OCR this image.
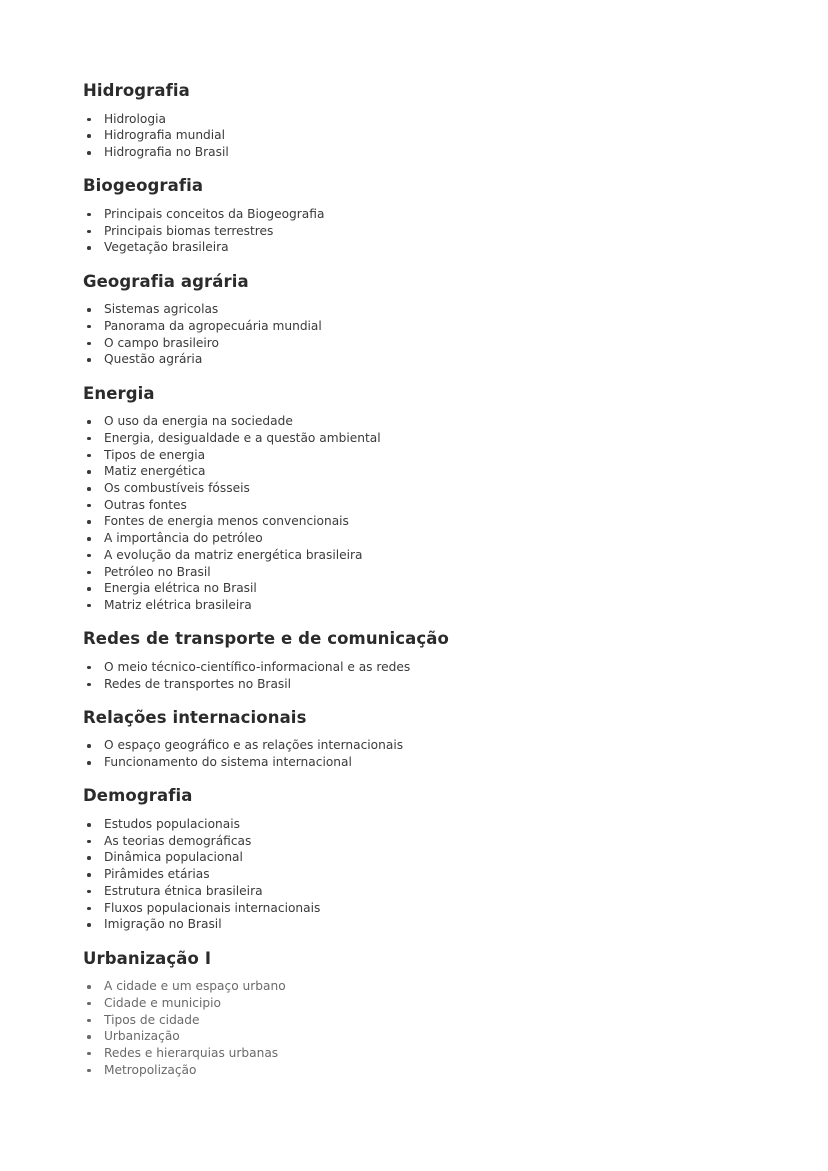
Hidrografia
Hidrologia
Hidrografia mundial
Hidrografia no Brasil
Biogeografia
Principais conceitos da Biogeografia
Principais biomas terrestres
Vegetação brasileira
Geografia agrária
Sistemas agricolas
Panorama da agropecuária mundial
O campo brasileiro
Questão agrária
Energia
O uso da energia na sociedade
Energia, desigualdade e a questão ambiental
Tipos de energia
Matiz energética
Os combustíveis fósseis
Outras fontes
Fontes de energia menos convencionais
A importância do petróleo
A evolução da matriz energética brasileira
Petróleo no Brasil
Energia elétrica no Brasil
Matriz elétrica brasileira
Redes de transporte e de comunicação
O meio técnico-científico-informacional e as redes
Redes de transportes no Brasil
Relações internacionais
O espaço geográfico e as relações internacionais
Funcionamento do sistema internacional
Demografia
Estudos populacionais
As teorias demográficas
Dinâmica populacional
Pirâmides etárias
Estrutura étnica brasileira
Fluxos populacionais internacionais
Imigração no Brasil
Urbanização I
A cidade e um espaço urbano
Cidade e municipio
Tipos de cidade
Urbanização
Redes e hierarquias urbanas
Metropolização
